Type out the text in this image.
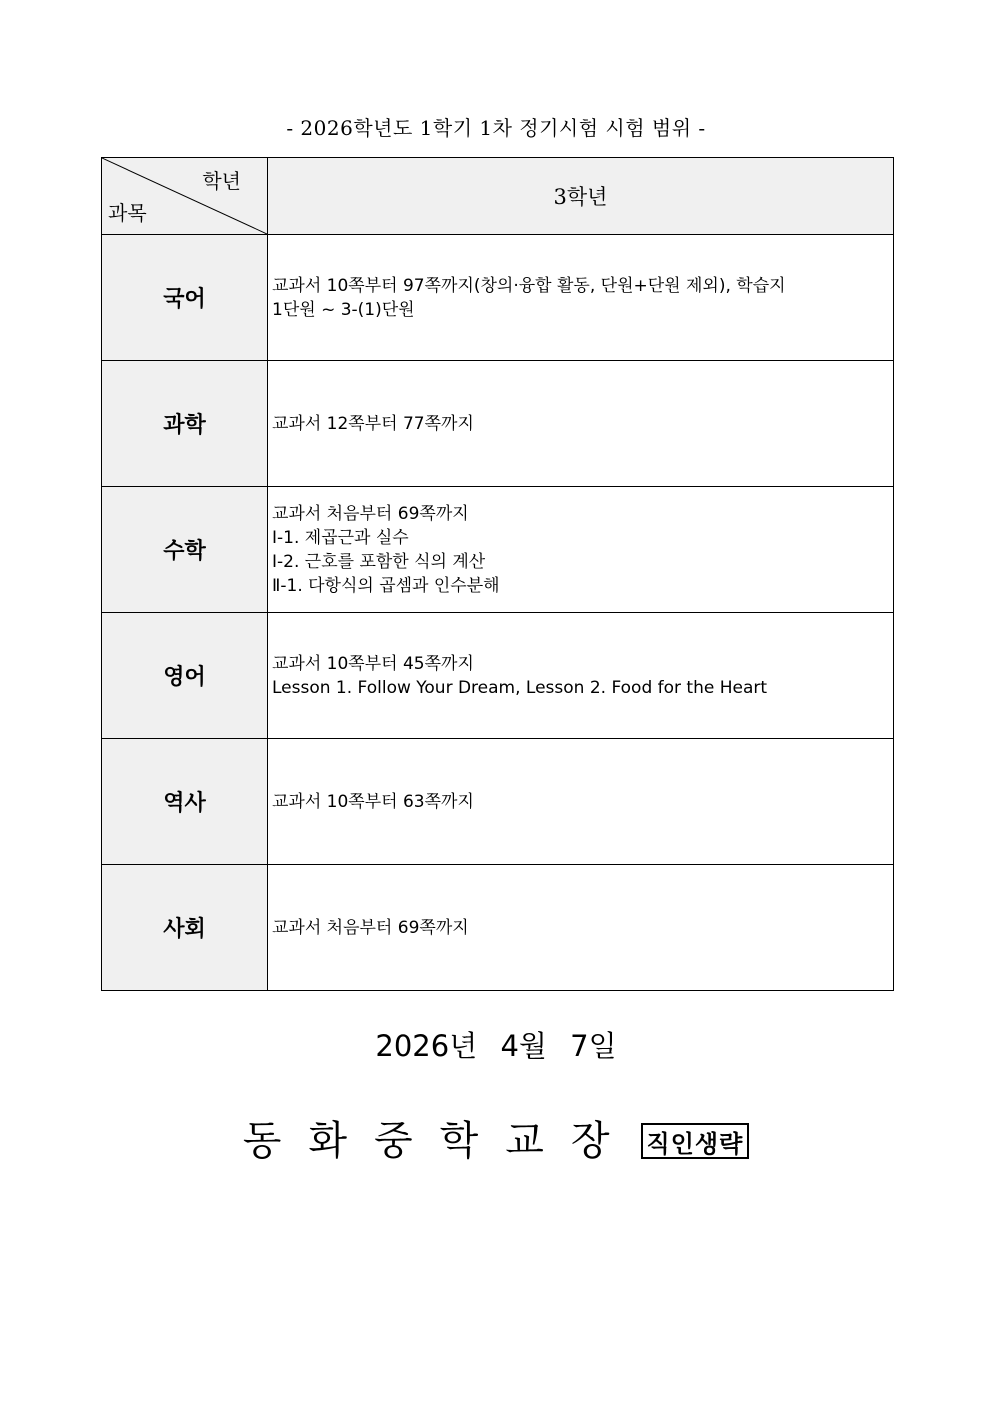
- 2026학년도 1학기 1차 정기시험 시험 범위 -
학년
과목	3학년
국어	교과서 10쪽부터 97쪽까지(창의·융합 활동, 단원+단원 제외), 학습지
1단원 ~ 3-(1)단원

과학	교과서 12쪽부터 77쪽까지

수학	교과서 처음부터 69쪽까지
Ⅰ-1. 제곱근과 실수
Ⅰ-2. 근호를 포함한 식의 계산
Ⅱ-1. 다항식의 곱셈과 인수분해

영어	교과서 10쪽부터 45쪽까지
Lesson 1. Follow Your Dream, Lesson 2. Food for the Heart

역사	교과서 10쪽부터 63쪽까지

사회	교과서 처음부터 69쪽까지
2026년 4월 7일
동화중학교장 직인생략
